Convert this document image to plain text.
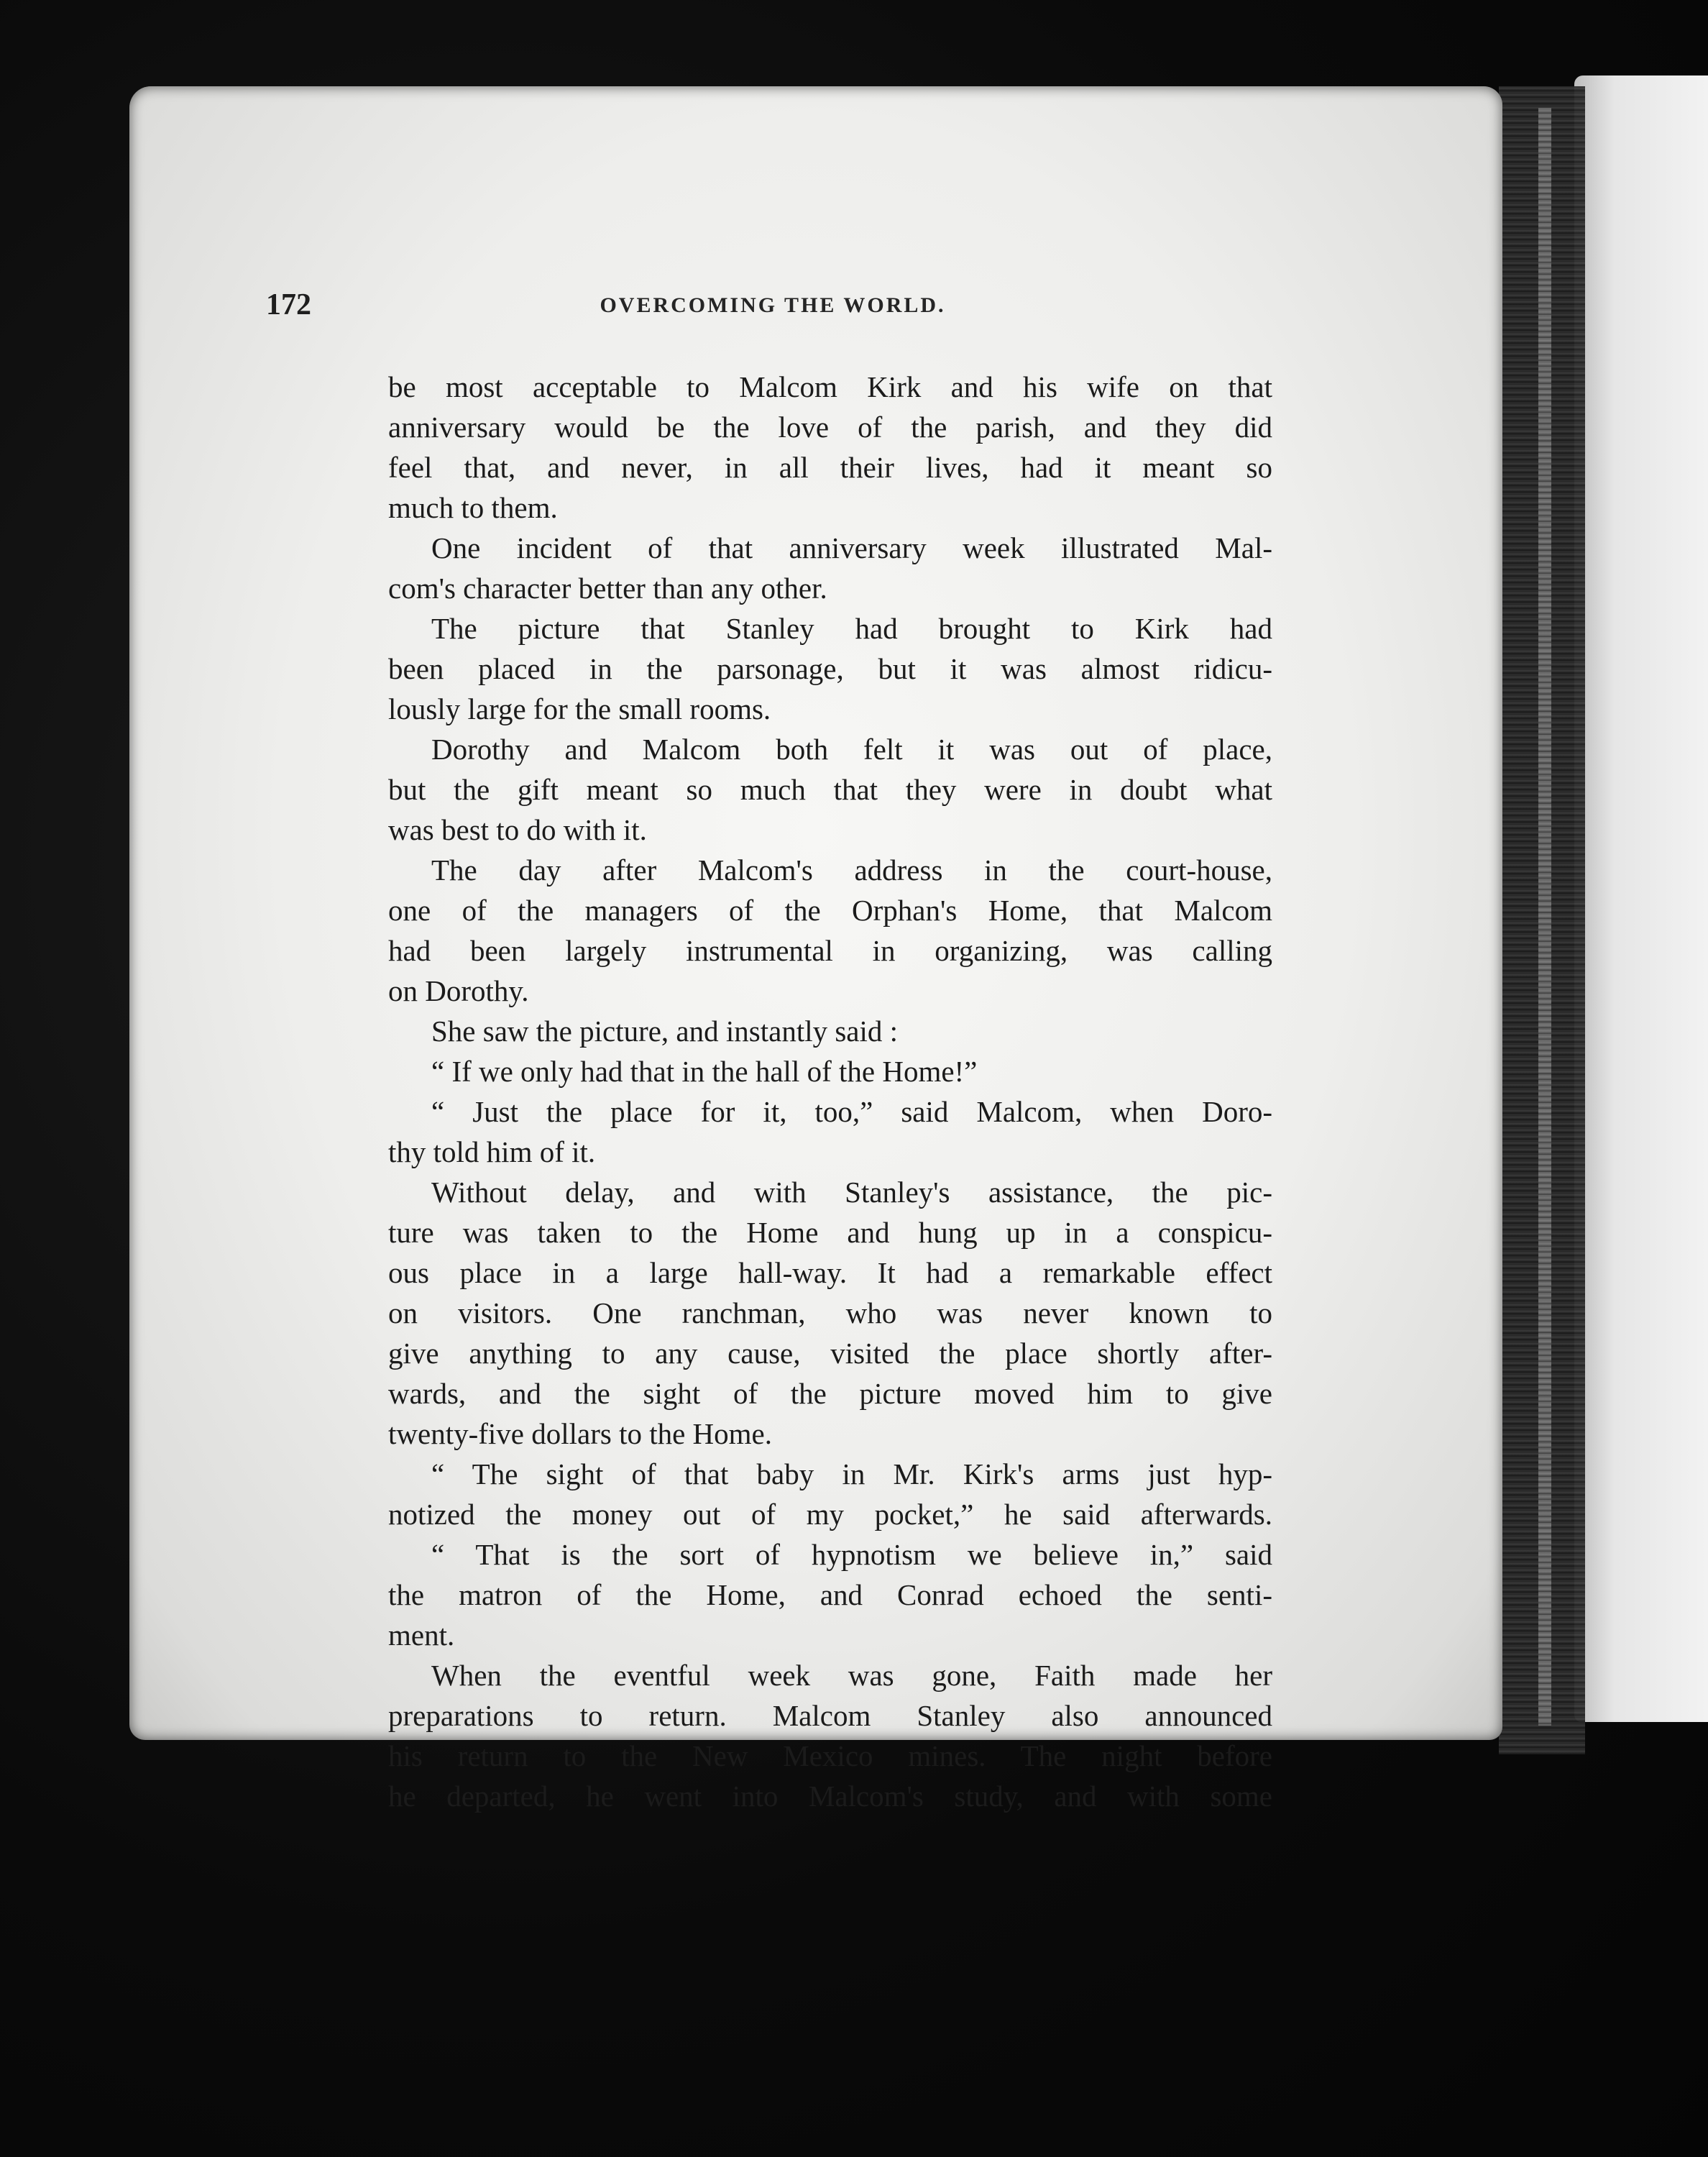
172	OVERCOMING THE WORLD.
be most acceptable to Malcom Kirk and his wife on that
anniversary would be the love of the parish, and they did
feel that, and never, in all their lives, had it meant so
much to them.
One incident of that anniversary week illustrated Mal-
com's character better than any other.
The picture that Stanley had brought to Kirk had
been placed in the parsonage, but it was almost ridicu-
lously large for the small rooms.
Dorothy and Malcom both felt it was out of place,
but the gift meant so much that they were in doubt what
was best to do with it.
The day after Malcom's address in the court-house,
one of the managers of the Orphan's Home, that Malcom
had been largely instrumental in organizing, was calling
on Dorothy.
She saw the picture, and instantly said :
“ If we only had that in the hall of the Home!”
“ Just the place for it, too,” said Malcom, when Doro-
thy told him of it.
Without delay, and with Stanley's assistance, the pic-
ture was taken to the Home and hung up in a conspicu-
ous place in a large hall-way. It had a remarkable effect
on visitors. One ranchman, who was never known to
give anything to any cause, visited the place shortly after-
wards, and the sight of the picture moved him to give
twenty-five dollars to the Home.
“ The sight of that baby in Mr. Kirk's arms just hyp-
notized the money out of my pocket,” he said afterwards.
“ That is the sort of hypnotism we believe in,” said
the matron of the Home, and Conrad echoed the senti-
ment.
When the eventful week was gone, Faith made her
preparations to return. Malcom Stanley also announced
his return to the New Mexico mines. The night before
he departed, he went into Malcom's study, and with some
